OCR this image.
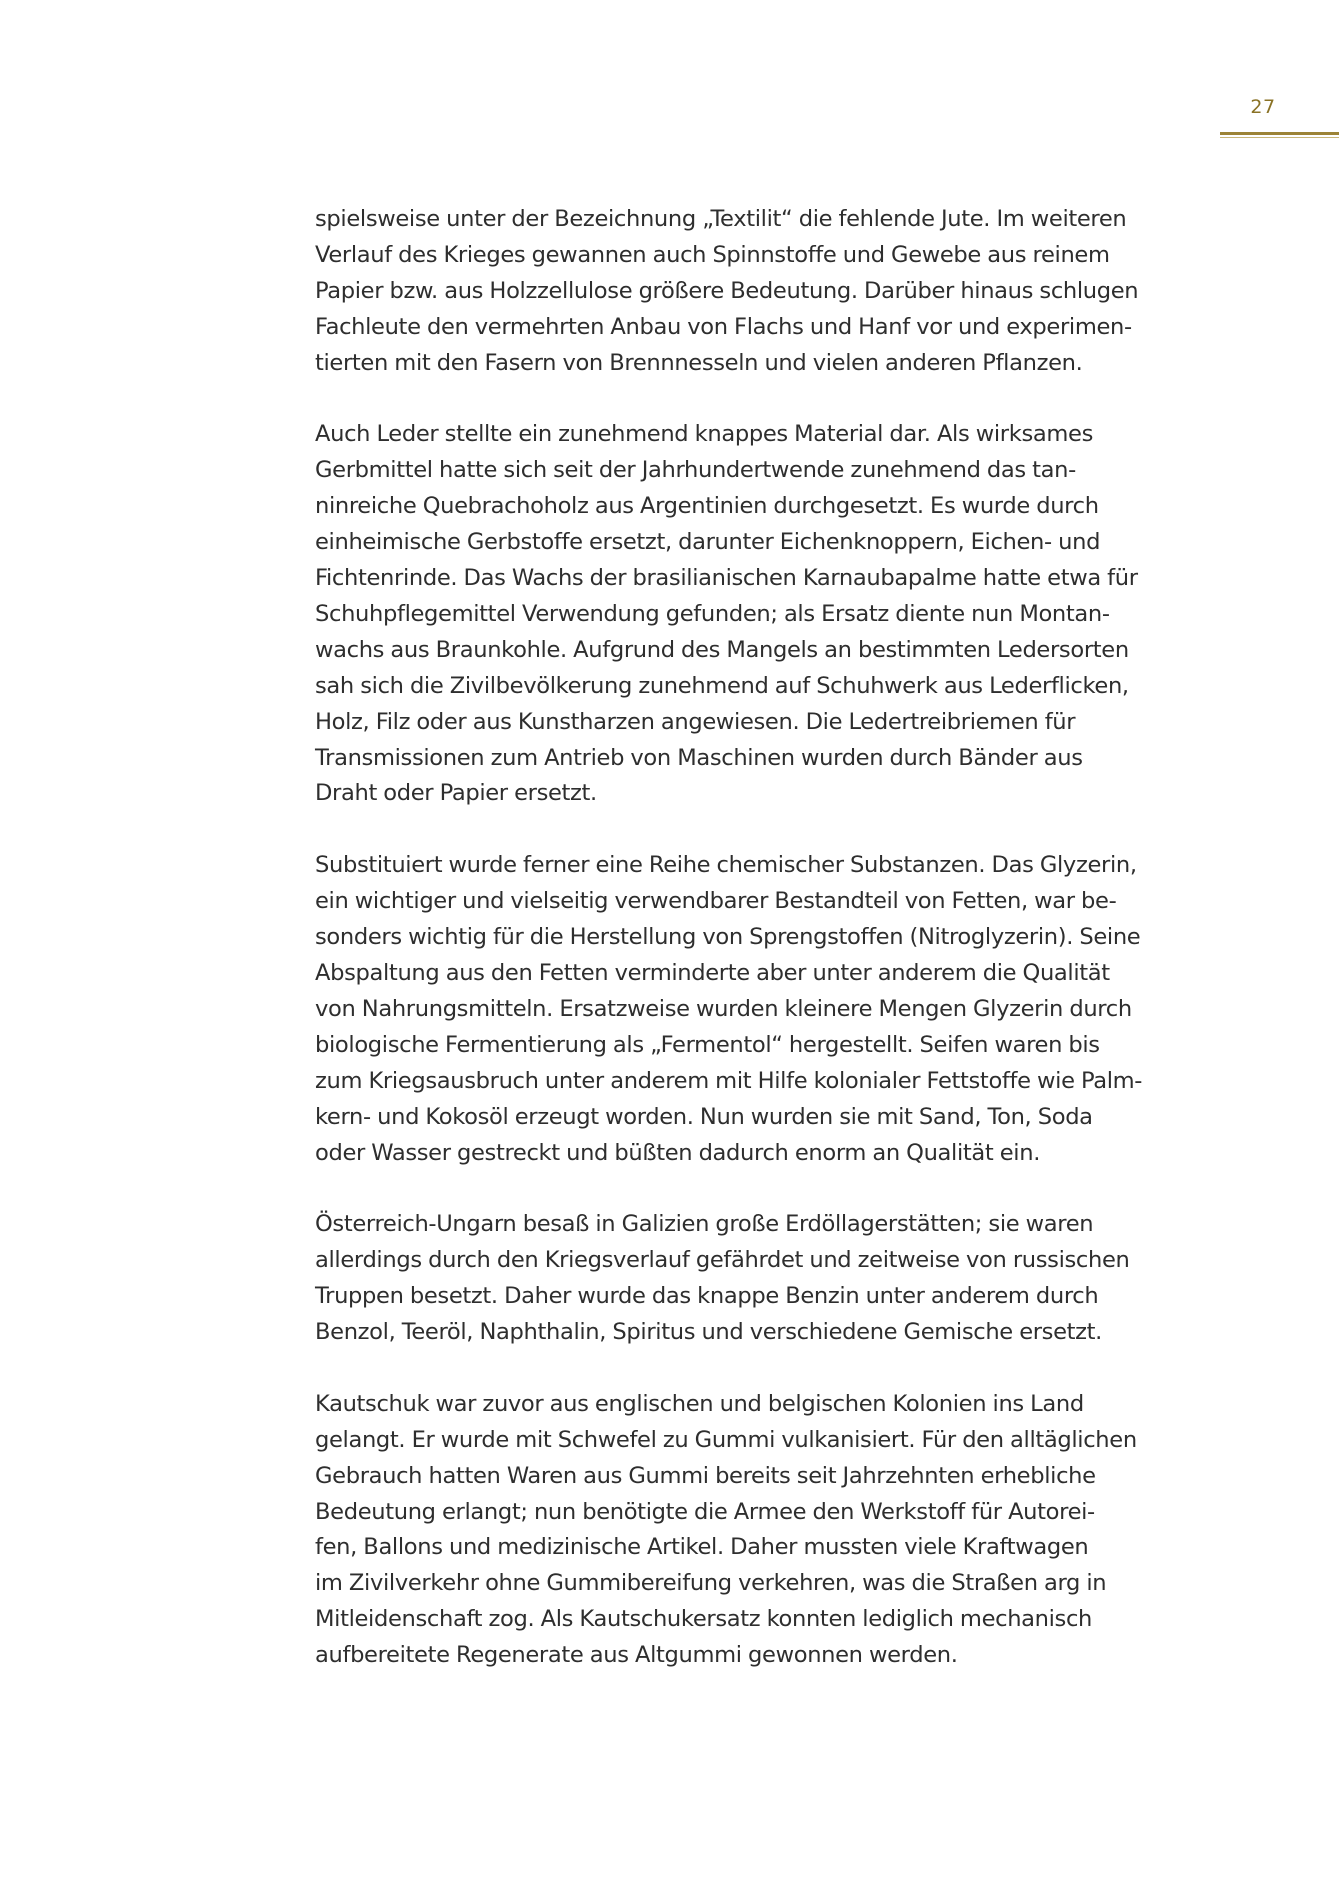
27

spielsweise unter der Bezeichnung „Textilit“ die fehlende Jute. Im weiteren
Verlauf des Krieges gewannen auch Spinnstoffe und Gewebe aus reinem
Papier bzw. aus Holzzellulose größere Bedeutung. Darüber hinaus schlugen
Fachleute den vermehrten Anbau von Flachs und Hanf vor und experimen-
tierten mit den Fasern von Brennnesseln und vielen anderen Pflanzen.

Auch Leder stellte ein zunehmend knappes Material dar. Als wirksames
Gerbmittel hatte sich seit der Jahrhundertwende zunehmend das tan-
ninreiche Quebrachoholz aus Argentinien durchgesetzt. Es wurde durch
einheimische Gerbstoffe ersetzt, darunter Eichenknoppern, Eichen- und
Fichtenrinde. Das Wachs der brasilianischen Karnaubapalme hatte etwa für
Schuhpflegemittel Verwendung gefunden; als Ersatz diente nun Montan-
wachs aus Braunkohle. Aufgrund des Mangels an bestimmten Ledersorten
sah sich die Zivilbevölkerung zunehmend auf Schuhwerk aus Lederflicken,
Holz, Filz oder aus Kunstharzen angewiesen. Die Ledertreibriemen für
Transmissionen zum Antrieb von Maschinen wurden durch Bänder aus
Draht oder Papier ersetzt.

Substituiert wurde ferner eine Reihe chemischer Substanzen. Das Glyzerin,
ein wichtiger und vielseitig verwendbarer Bestandteil von Fetten, war be-
sonders wichtig für die Herstellung von Sprengstoffen (Nitroglyzerin). Seine
Abspaltung aus den Fetten verminderte aber unter anderem die Qualität
von Nahrungsmitteln. Ersatzweise wurden kleinere Mengen Glyzerin durch
biologische Fermentierung als „Fermentol“ hergestellt. Seifen waren bis
zum Kriegsausbruch unter anderem mit Hilfe kolonialer Fettstoffe wie Palm-
kern- und Kokosöl erzeugt worden. Nun wurden sie mit Sand, Ton, Soda
oder Wasser gestreckt und büßten dadurch enorm an Qualität ein.

Österreich-Ungarn besaß in Galizien große Erdöllagerstätten; sie waren
allerdings durch den Kriegsverlauf gefährdet und zeitweise von russischen
Truppen besetzt. Daher wurde das knappe Benzin unter anderem durch
Benzol, Teeröl, Naphthalin, Spiritus und verschiedene Gemische ersetzt.

Kautschuk war zuvor aus englischen und belgischen Kolonien ins Land
gelangt. Er wurde mit Schwefel zu Gummi vulkanisiert. Für den alltäglichen
Gebrauch hatten Waren aus Gummi bereits seit Jahrzehnten erhebliche
Bedeutung erlangt; nun benötigte die Armee den Werkstoff für Autorei-
fen, Ballons und medizinische Artikel. Daher mussten viele Kraftwagen
im Zivilverkehr ohne Gummibereifung verkehren, was die Straßen arg in
Mitleidenschaft zog. Als Kautschukersatz konnten lediglich mechanisch
aufbereitete Regenerate aus Altgummi gewonnen werden.
